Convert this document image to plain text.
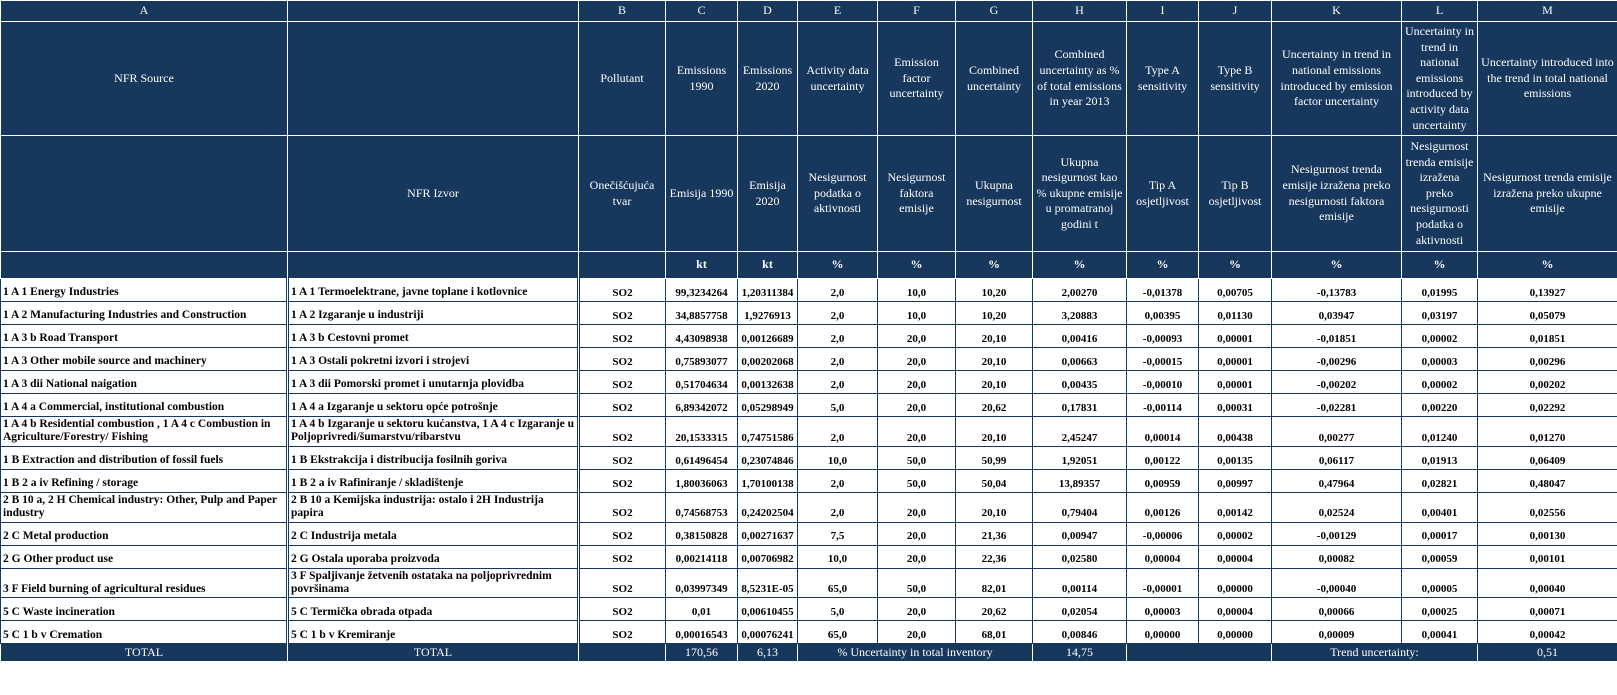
A		B	C	D	E	F	G	H	I	J	K	L	M
NFR Source		Pollutant	Emissions 1990	Emissions 2020	Activity data uncertainty	Emission factor uncertainty	Combined uncertainty	Combined uncertainty as % of total emissions in year 2013	Type A sensitivity	Type B sensitivity	Uncertainty in trend in national emissions introduced by emission factor uncertainty	Uncertainty in trend in national emissions introduced by activity data uncertainty	Uncertainty introduced into the trend in total national emissions
	NFR Izvor	Onečišćujuća tvar	Emisija 1990	Emisija 2020	Nesigurnost podatka o aktivnosti	Nesigurnost faktora emisije	Ukupna nesigurnost	Ukupna nesigurnost kao % ukupne emisije u promatranoj godini t	Tip A osjetljivost	Tip B osjetljivost	Nesigurnost trenda emisije izražena preko nesigurnosti faktora emisije	Nesigurnost trenda emisije izražena preko nesigurnosti podatka o aktivnosti	Nesigurnost trenda emisije izražena preko ukupne emisije
			kt	kt	%	%	%	%	%	%	%	%	%
1 A 1 Energy Industries	1 A 1 Termoelektrane, javne toplane i kotlovnice	SO2	99,3234264	1,20311384	2,0	10,0	10,20	2,00270	-0,01378	0,00705	-0,13783	0,01995	0,13927
1 A 2 Manufacturing Industries and Construction	1 A 2 Izgaranje u industriji	SO2	34,8857758	1,9276913	2,0	10,0	10,20	3,20883	0,00395	0,01130	0,03947	0,03197	0,05079
1 A 3 b Road Transport	1 A 3 b Cestovni promet	SO2	4,43098938	0,00126689	2,0	20,0	20,10	0,00416	-0,00093	0,00001	-0,01851	0,00002	0,01851
1 A 3 Other mobile source and machinery	1 A 3 Ostali pokretni izvori i strojevi	SO2	0,75893077	0,00202068	2,0	20,0	20,10	0,00663	-0,00015	0,00001	-0,00296	0,00003	0,00296
1 A 3 dii National naigation	1 A 3 dii Pomorski promet i unutarnja plovidba	SO2	0,51704634	0,00132638	2,0	20,0	20,10	0,00435	-0,00010	0,00001	-0,00202	0,00002	0,00202
1 A 4 a Commercial, institutional combustion	1 A 4 a Izgaranje u sektoru opće potrošnje	SO2	6,89342072	0,05298949	5,0	20,0	20,62	0,17831	-0,00114	0,00031	-0,02281	0,00220	0,02292
1 A 4 b Residential combustion , 1 A 4 c Combustion in Agriculture/Forestry/ Fishing	1 A 4 b Izgaranje u sektoru kućanstva, 1 A 4 c Izgaranje u Poljoprivredi/šumarstvu/ribarstvu	SO2	20,1533315	0,74751586	2,0	20,0	20,10	2,45247	0,00014	0,00438	0,00277	0,01240	0,01270
1 B Extraction and distribution of fossil fuels	1 B Ekstrakcija i distribucija fosilnih goriva	SO2	0,61496454	0,23074846	10,0	50,0	50,99	1,92051	0,00122	0,00135	0,06117	0,01913	0,06409
1 B 2 a iv Refining / storage	1 B 2 a iv Rafiniranje / skladištenje	SO2	1,80036063	1,70100138	2,0	50,0	50,04	13,89357	0,00959	0,00997	0,47964	0,02821	0,48047
2 B 10 a, 2 H Chemical industry: Other, Pulp and Paper industry	2 B 10 a Kemijska industrija: ostalo i 2H Industrija papira	SO2	0,74568753	0,24202504	2,0	20,0	20,10	0,79404	0,00126	0,00142	0,02524	0,00401	0,02556
2 C Metal production	2 C Industrija metala	SO2	0,38150828	0,00271637	7,5	20,0	21,36	0,00947	-0,00006	0,00002	-0,00129	0,00017	0,00130
2 G Other product use	2 G Ostala uporaba proizvoda	SO2	0,00214118	0,00706982	10,0	20,0	22,36	0,02580	0,00004	0,00004	0,00082	0,00059	0,00101
3 F Field burning of agricultural residues	3 F Spaljivanje žetvenih ostataka na poljoprivrednim površinama	SO2	0,03997349	8,5231E-05	65,0	50,0	82,01	0,00114	-0,00001	0,00000	-0,00040	0,00005	0,00040
5 C Waste incineration	5 C Termička obrada otpada	SO2	0,01	0,00610455	5,0	20,0	20,62	0,02054	0,00003	0,00004	0,00066	0,00025	0,00071
5 C 1 b v Cremation	5 C 1 b v Kremiranje	SO2	0,00016543	0,00076241	65,0	20,0	68,01	0,00846	0,00000	0,00000	0,00009	0,00041	0,00042
TOTAL	TOTAL		170,56	6,13	% Uncertainty in total inventory			14,75			Trend uncertainty:		0,51
